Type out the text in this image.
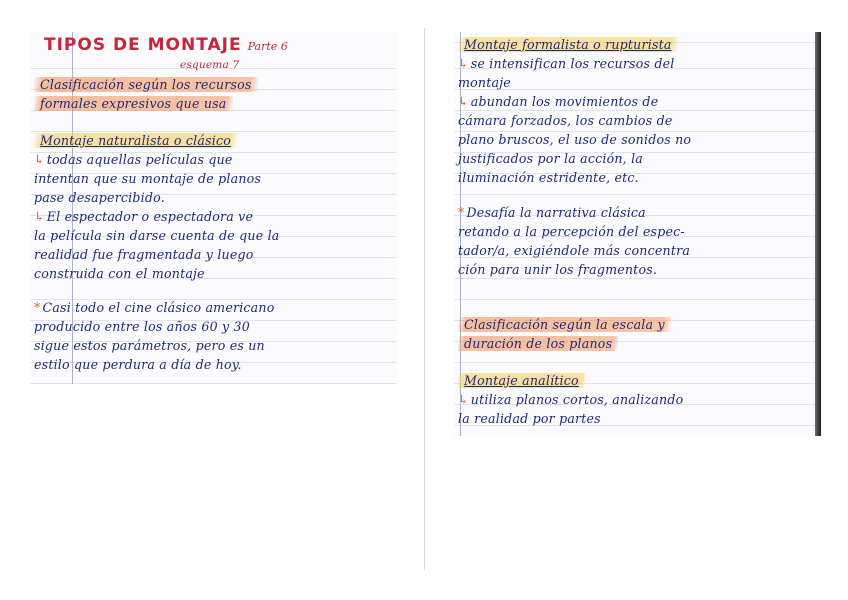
TIPOS DE MONTAJE Parte 6
esquema 7
Clasificación según los recursos
formales expresivos que usa
Montaje naturalista o clásico
↳ todas aquellas películas que
intentan que su montaje de planos
pase desapercibido.
↳ El espectador o espectadora ve
la película sin darse cuenta de que la
realidad fue fragmentada y luego
construida con el montaje
* Casi todo el cine clásico americano
producido entre los años 60 y 30
sigue estos parámetros, pero es un
estilo que perdura a día de hoy.
Montaje formalista o rupturista
↳ se intensifican los recursos del
montaje
↳ abundan los movimientos de
cámara forzados, los cambios de
plano bruscos, el uso de sonidos no
justificados por la acción, la
iluminación estridente, etc.
* Desafía la narrativa clásica
retando a la percepción del espec-
tador/a, exigiéndole más concentra
ción para unir los fragmentos.
Clasificación según la escala y
duración de los planos
Montaje analítico
↳ utiliza planos cortos, analizando
la realidad por partes
